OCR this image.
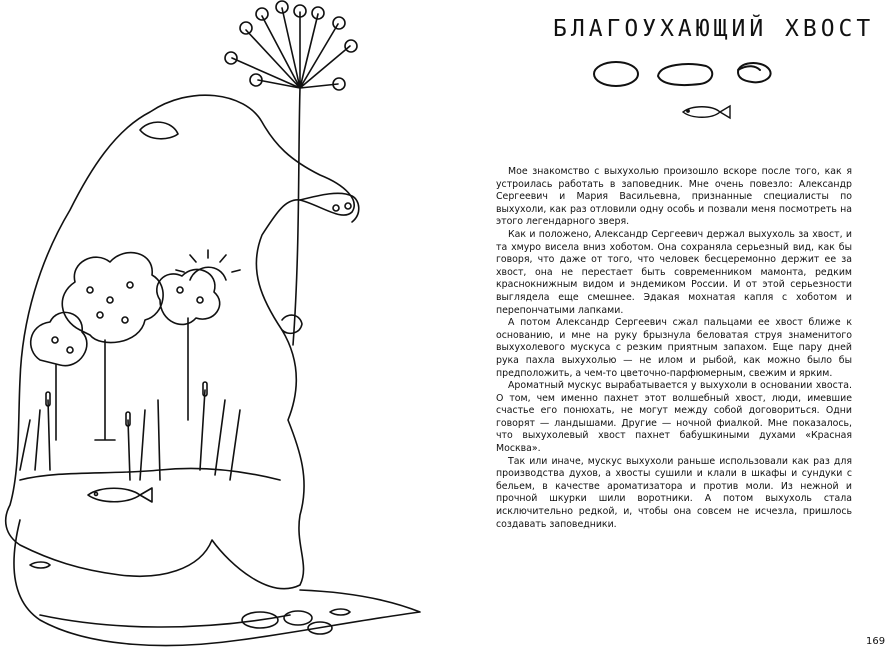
БЛАГОУХАЮЩИЙ ХВОСТ

Мое знакомство с выхухолью произошло вскоре после того, как я устроилась работать в заповедник. Мне очень повезло: Александр Сергеевич и Мария Васильевна, признанные специалисты по выхухоли, как раз отловили одну особь и позвали меня посмотреть на этого легендарного зверя.

Как и положено, Александр Сергеевич держал выхухоль за хвост, и та хмуро висела вниз хоботом. Она сохраняла серьезный вид, как бы говоря, что даже от того, что человек бесцеремонно держит ее за хвост, она не перестает быть современником мамонта, редким краснокнижным видом и эндемиком России. И от этой серьезности выглядела еще смешнее. Эдакая мохнатая капля с хоботом и перепончатыми лапками.

А потом Александр Сергеевич сжал пальцами ее хвост ближе к основанию, и мне на руку брызнула беловатая струя знаменитого выхухолевого мускуса с резким приятным запахом. Еще пару дней рука пахла выхухолью — не илом и рыбой, как можно было бы предположить, а чем-то цветочно-парфюмерным, свежим и ярким.

Ароматный мускус вырабатывается у выхухоли в основании хвоста. О том, чем именно пахнет этот волшебный хвост, люди, имевшие счастье его понюхать, не могут между собой договориться. Одни говорят — ландышами. Другие — ночной фиалкой. Мне показалось, что выхухолевый хвост пахнет бабушкиными духами «Красная Москва».

Так или иначе, мускус выхухоли раньше использовали как раз для производства духов, а хвосты сушили и клали в шкафы и сундуки с бельем, в качестве ароматизатора и против моли. Из нежной и прочной шкурки шили воротники. А потом выхухоль стала исключительно редкой, и, чтобы она совсем не исчезла, пришлось создавать заповедники.

169
